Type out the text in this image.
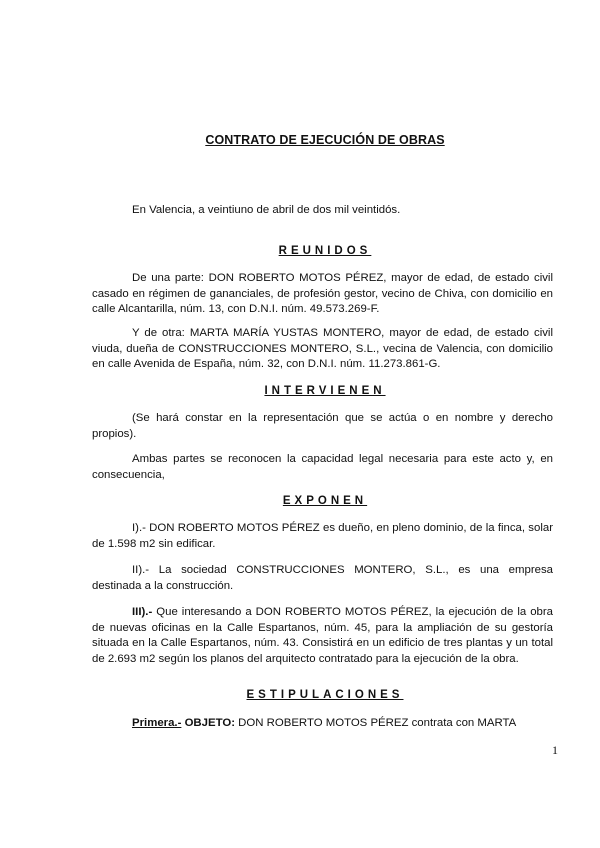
CONTRATO DE EJECUCIÓN DE OBRAS
En Valencia, a veintiuno de abril de dos mil veintidós.
REUNIDOS
De una parte: DON ROBERTO MOTOS PÉREZ, mayor de edad, de estado civil casado en régimen de gananciales, de profesión gestor, vecino de Chiva, con domicilio en calle Alcantarilla, núm. 13, con D.N.I. núm. 49.573.269-F.
Y de otra: MARTA MARÍA YUSTAS MONTERO, mayor de edad, de estado civil viuda, dueña de CONSTRUCCIONES MONTERO, S.L., vecina de Valencia, con domicilio en calle Avenida de España, núm. 32, con D.N.I. núm. 11.273.861-G.
INTERVIENEN
(Se hará constar en la representación que se actúa o en nombre y derecho propios).
Ambas partes se reconocen la capacidad legal necesaria para este acto y, en consecuencia,
EXPONEN
I).- DON ROBERTO MOTOS PÉREZ es dueño, en pleno dominio, de la finca, solar de 1.598 m2 sin edificar.
II).- La sociedad CONSTRUCCIONES MONTERO, S.L., es una empresa destinada a la construcción.
III).- Que interesando a DON ROBERTO MOTOS PÉREZ, la ejecución de la obra de nuevas oficinas en la Calle Espartanos, núm. 45, para la ampliación de su gestoría situada en la Calle Espartanos, núm. 43. Consistirá en un edificio de tres plantas y un total de 2.693 m2 según los planos del arquitecto contratado para la ejecución de la obra.
ESTIPULACIONES
Primera.- OBJETO: DON ROBERTO MOTOS PÉREZ contrata con MARTA
1
